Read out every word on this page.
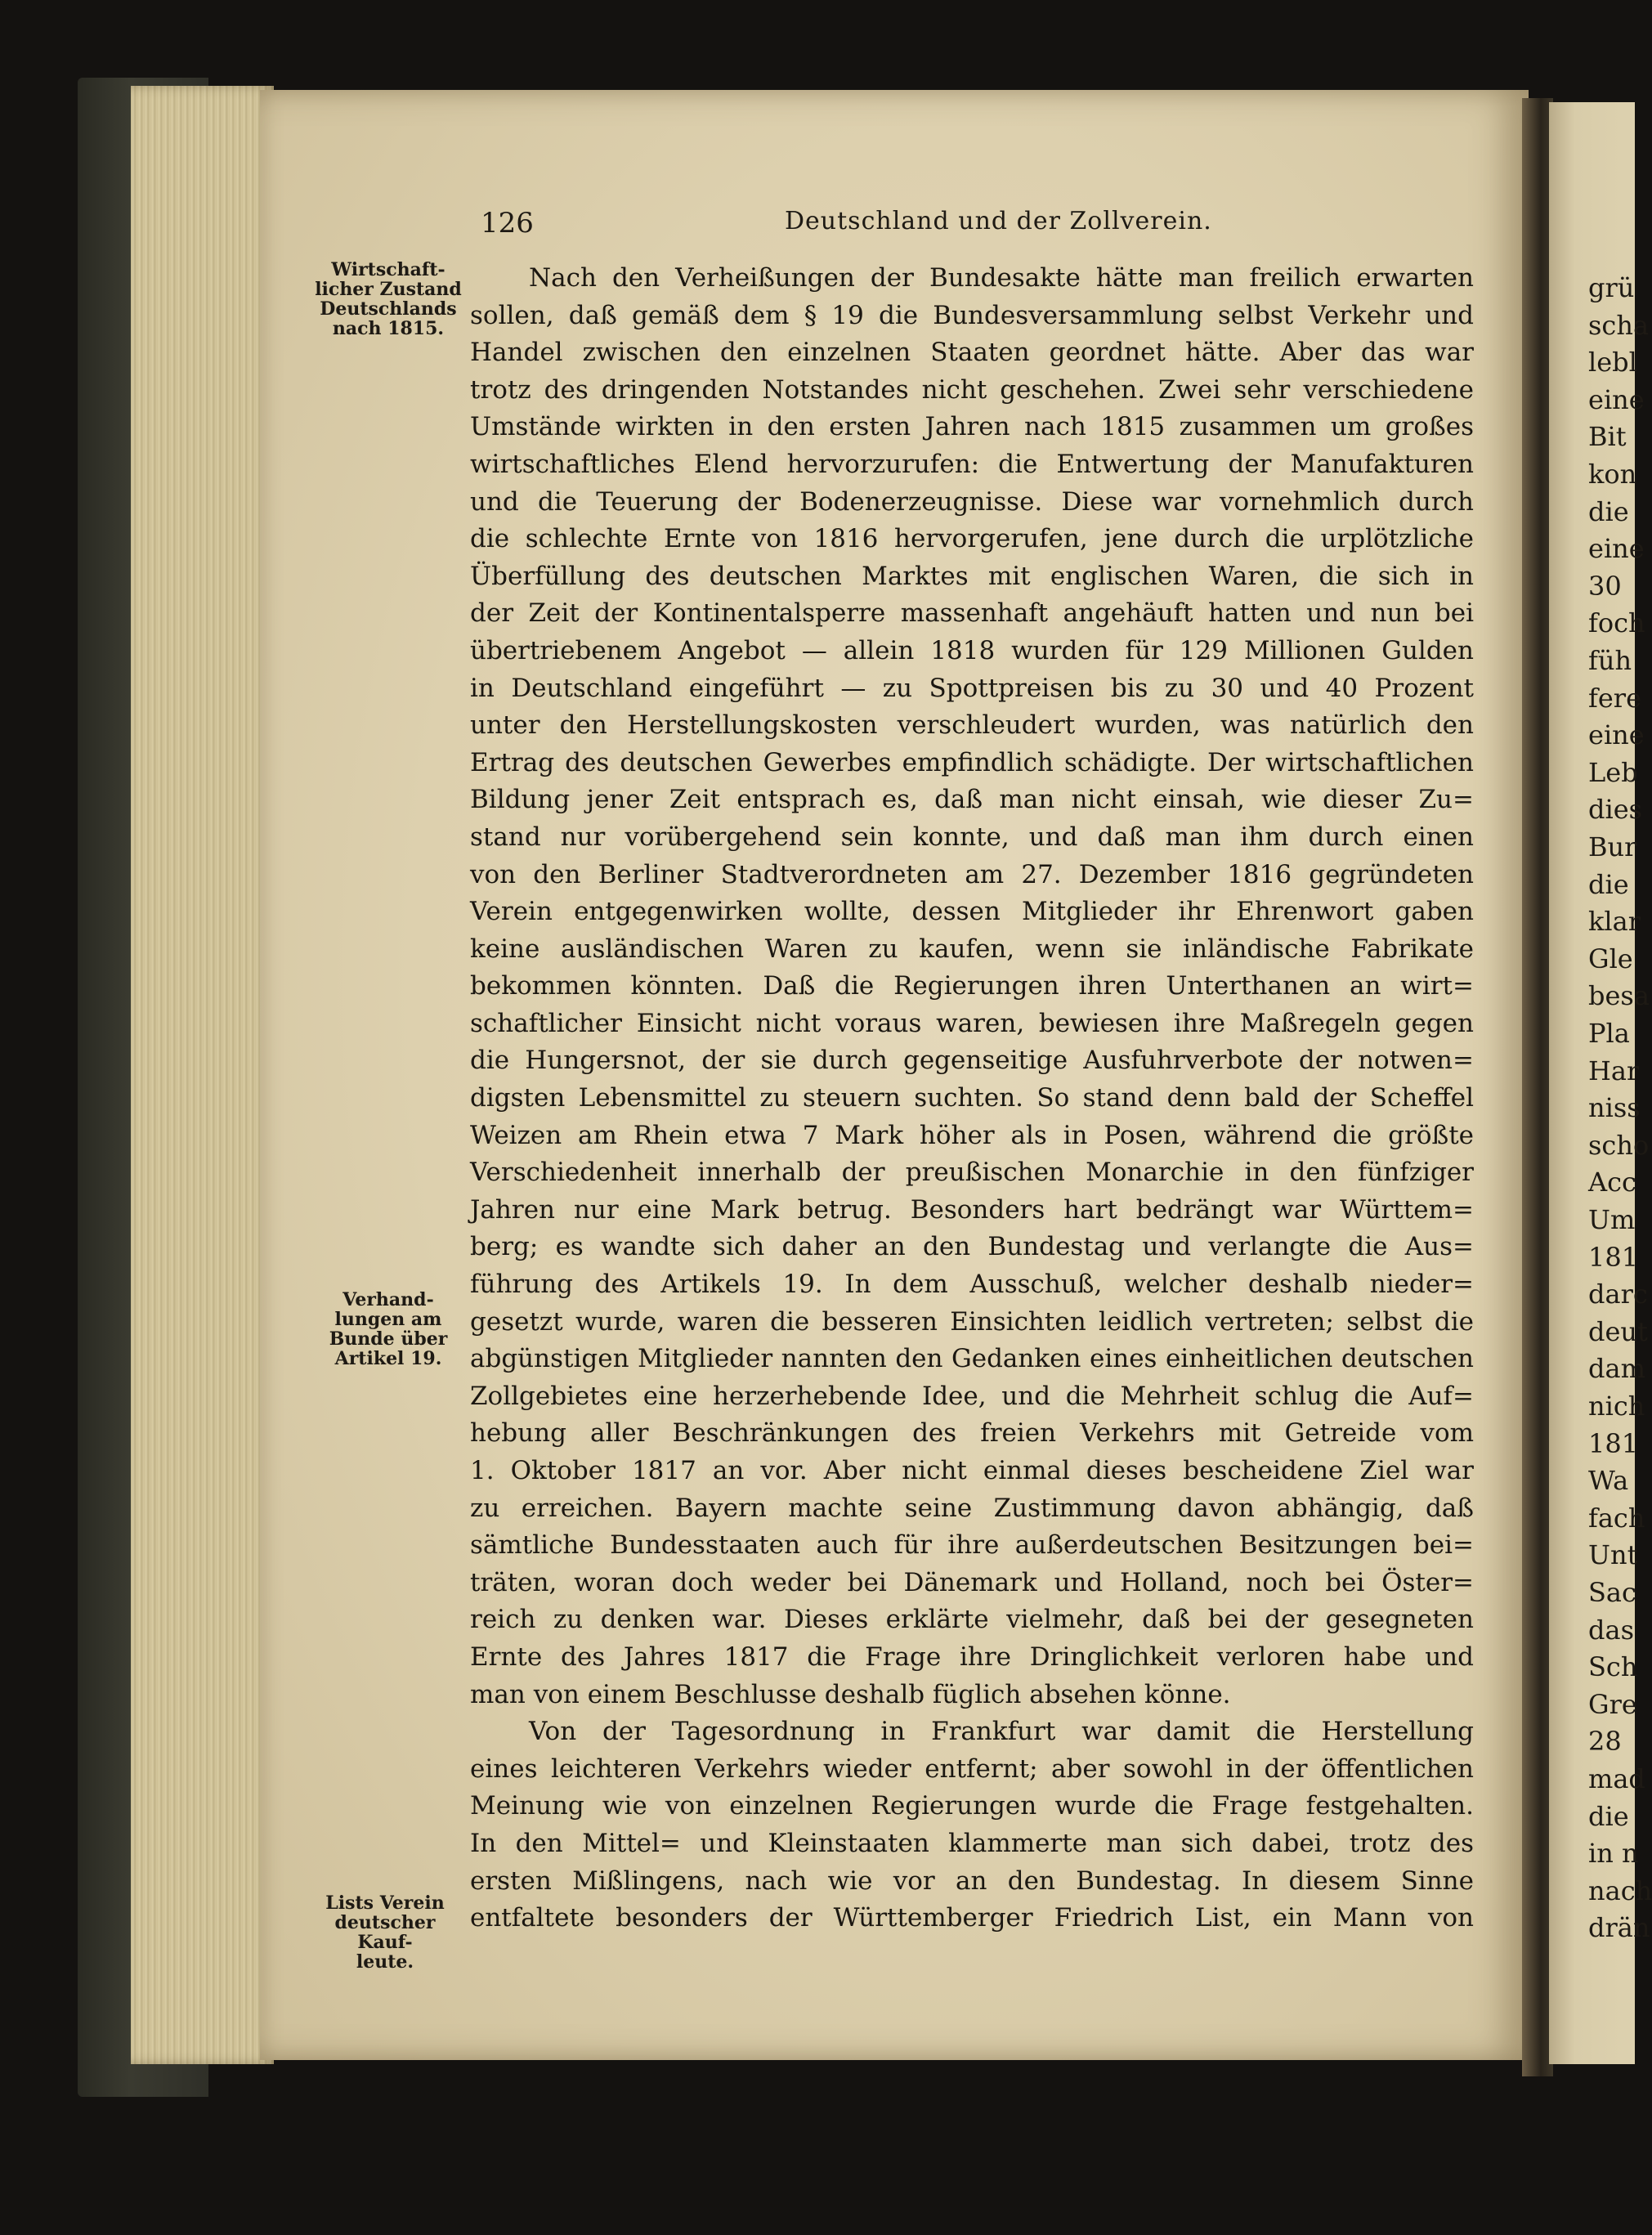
126	Deutschland und der Zollverein.
Wirtschaft-
licher Zustand
Deutschlands
nach 1815.
Verhand-
lungen am
Bunde über
Artikel 19.
Lists Verein
deutscher Kauf-
leute.
Nach den Verheißungen der Bundesakte hätte man freilich erwarten
sollen, daß gemäß dem § 19 die Bundesversammlung selbst Verkehr und
Handel zwischen den einzelnen Staaten geordnet hätte. Aber das war
trotz des dringenden Notstandes nicht geschehen. Zwei sehr verschiedene
Umstände wirkten in den ersten Jahren nach 1815 zusammen um großes
wirtschaftliches Elend hervorzurufen: die Entwertung der Manufakturen
und die Teuerung der Bodenerzeugnisse. Diese war vornehmlich durch
die schlechte Ernte von 1816 hervorgerufen, jene durch die urplötzliche
Überfüllung des deutschen Marktes mit englischen Waren, die sich in
der Zeit der Kontinentalsperre massenhaft angehäuft hatten und nun bei
übertriebenem Angebot — allein 1818 wurden für 129 Millionen Gulden
in Deutschland eingeführt — zu Spottpreisen bis zu 30 und 40 Prozent
unter den Herstellungskosten verschleudert wurden, was natürlich den
Ertrag des deutschen Gewerbes empfindlich schädigte. Der wirtschaftlichen
Bildung jener Zeit entsprach es, daß man nicht einsah, wie dieser Zu=
stand nur vorübergehend sein konnte, und daß man ihm durch einen
von den Berliner Stadtverordneten am 27. Dezember 1816 gegründeten
Verein entgegenwirken wollte, dessen Mitglieder ihr Ehrenwort gaben
keine ausländischen Waren zu kaufen, wenn sie inländische Fabrikate
bekommen könnten. Daß die Regierungen ihren Unterthanen an wirt=
schaftlicher Einsicht nicht voraus waren, bewiesen ihre Maßregeln gegen
die Hungersnot, der sie durch gegenseitige Ausfuhrverbote der notwen=
digsten Lebensmittel zu steuern suchten. So stand denn bald der Scheffel
Weizen am Rhein etwa 7 Mark höher als in Posen, während die größte
Verschiedenheit innerhalb der preußischen Monarchie in den fünfziger
Jahren nur eine Mark betrug. Besonders hart bedrängt war Württem=
berg; es wandte sich daher an den Bundestag und verlangte die Aus=
führung des Artikels 19. In dem Ausschuß, welcher deshalb nieder=
gesetzt wurde, waren die besseren Einsichten leidlich vertreten; selbst die
abgünstigen Mitglieder nannten den Gedanken eines einheitlichen deutschen
Zollgebietes eine herzerhebende Idee, und die Mehrheit schlug die Auf=
hebung aller Beschränkungen des freien Verkehrs mit Getreide vom
1. Oktober 1817 an vor. Aber nicht einmal dieses bescheidene Ziel war
zu erreichen. Bayern machte seine Zustimmung davon abhängig, daß
sämtliche Bundesstaaten auch für ihre außerdeutschen Besitzungen bei=
träten, woran doch weder bei Dänemark und Holland, noch bei Öster=
reich zu denken war. Dieses erklärte vielmehr, daß bei der gesegneten
Ernte des Jahres 1817 die Frage ihre Dringlichkeit verloren habe und
man von einem Beschlusse deshalb füglich absehen könne.
Von der Tagesordnung in Frankfurt war damit die Herstellung
eines leichteren Verkehrs wieder entfernt; aber sowohl in der öffentlichen
Meinung wie von einzelnen Regierungen wurde die Frage festgehalten.
In den Mittel= und Kleinstaaten klammerte man sich dabei, trotz des
ersten Mißlingens, nach wie vor an den Bundestag. In diesem Sinne
entfaltete besonders der Württemberger Friedrich List, ein Mann von
grü
scha
lebl
eine
Bit
kon
die
eine
30
foch
füh
fere
eine
Leb
dies
Bur
die
klar
Gle
besa
Pla
Har
niss
scho
Acc
Um
181
darc
deut
dam
nich
181
Wa
fach
Unt
Sac
das
Sch
Gre
28
mad
die
in n
nach
drän
